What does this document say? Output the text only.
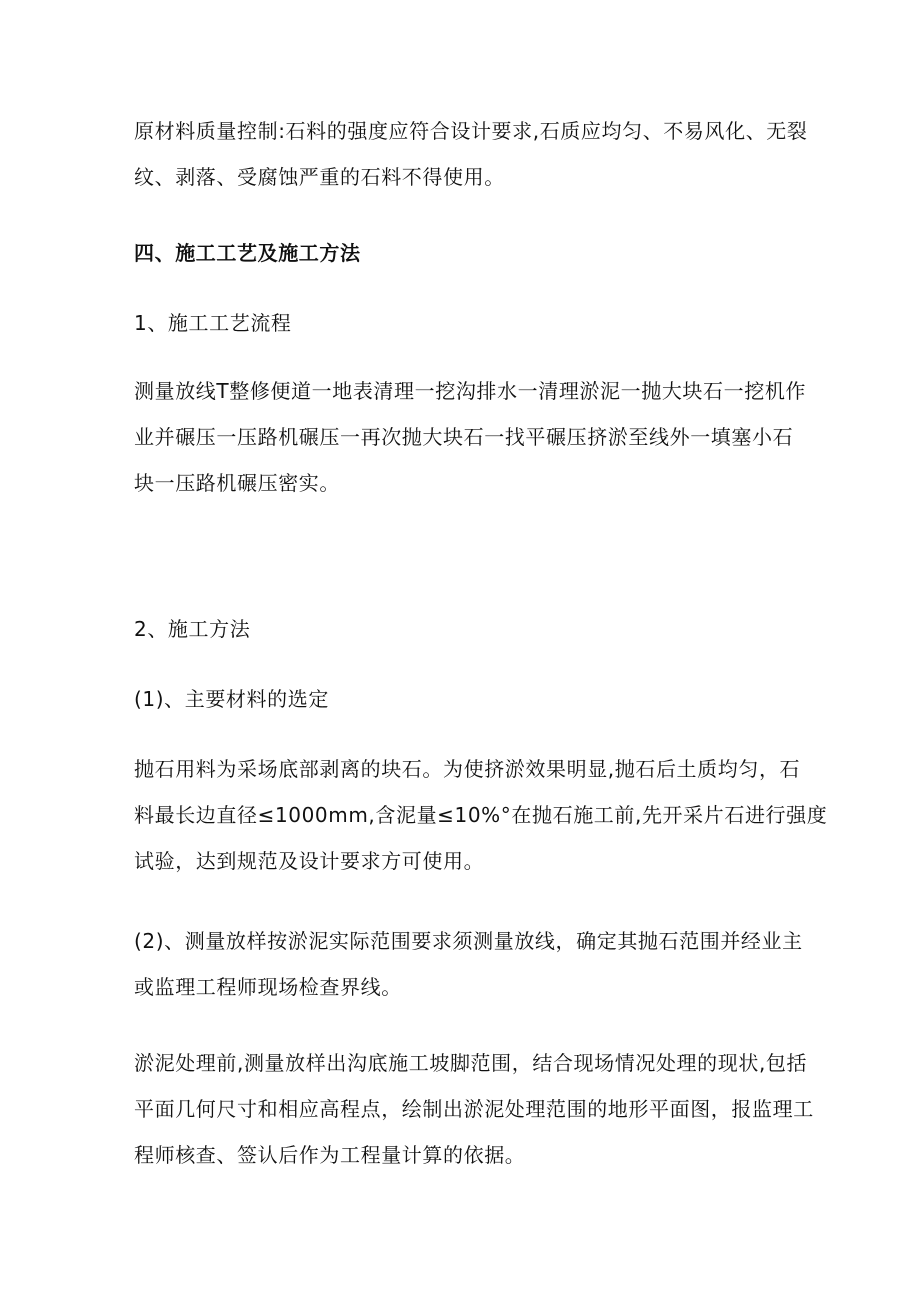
原材料质量控制:石料的强度应符合设计要求,石质应均匀、不易风化、无裂
纹、剥落、受腐蚀严重的石料不得使用。

四、施工工艺及施工方法

1、施工工艺流程

测量放线T整修便道一地表清理一挖沟排水一清理淤泥一抛大块石一挖机作
业并碾压一压路机碾压一再次抛大块石一找平碾压挤淤至线外一填塞小石
块一压路机碾压密实。

2、施工方法

(1)、主要材料的选定

抛石用料为采场底部剥离的块石。为使挤淤效果明显,抛石后土质均匀，石
料最长边直径≤1000mm,含泥量≤10%°在抛石施工前,先开采片石进行强度
试验，达到规范及设计要求方可使用。

(2)、测量放样按淤泥实际范围要求须测量放线，确定其抛石范围并经业主
或监理工程师现场检查界线。

淤泥处理前,测量放样出沟底施工坡脚范围，结合现场情况处理的现状,包括
平面几何尺寸和相应高程点，绘制出淤泥处理范围的地形平面图，报监理工
程师核查、签认后作为工程量计算的依据。
